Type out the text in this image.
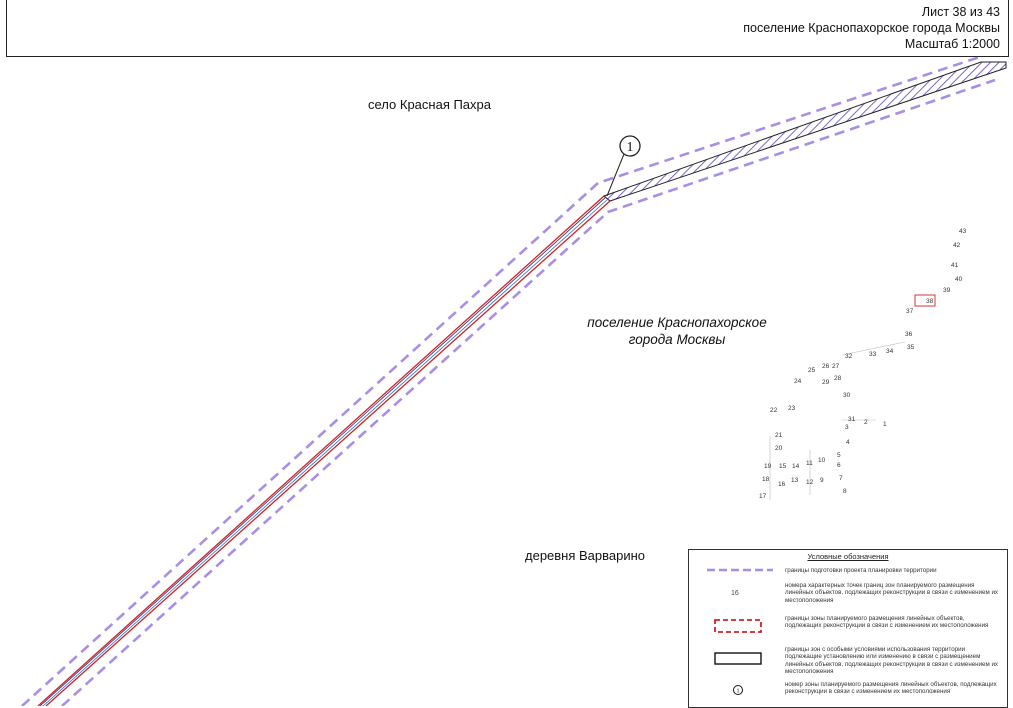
1
Лист 38 из 43
поселение Краснопахорское города Москвы
Масштаб 1:2000
село Красная Пахра
поселение Краснопахорское
города Москвы
деревня Варварино
1
2
3
4
5
6
7
8
9
10
11
12
13
14
15
16
17
18
19
20
21
22 23
24
25
26 27
28
29
30
31
32	33 34
35
36
37
38
39
40
41
42
43
Условные обозначения
границы подготовки проекта планировки территории
16
номера характерных точек границ зон планируемого размещения линейных объектов, подлежащих реконструкции в связи с изменением их местоположения
границы зоны планируемого размещения линейных объектов, подлежащих реконструкции в связи с изменением их местоположения
границы зон с особыми условиями использования территории подлежащие установлению или изменению в связи с размещением линейных объектов, подлежащих реконструкции в связи с изменением их местоположения
1
номер зоны планируемого размещения линейных объектов, подлежащих реконструкции в связи с изменением их местоположения
